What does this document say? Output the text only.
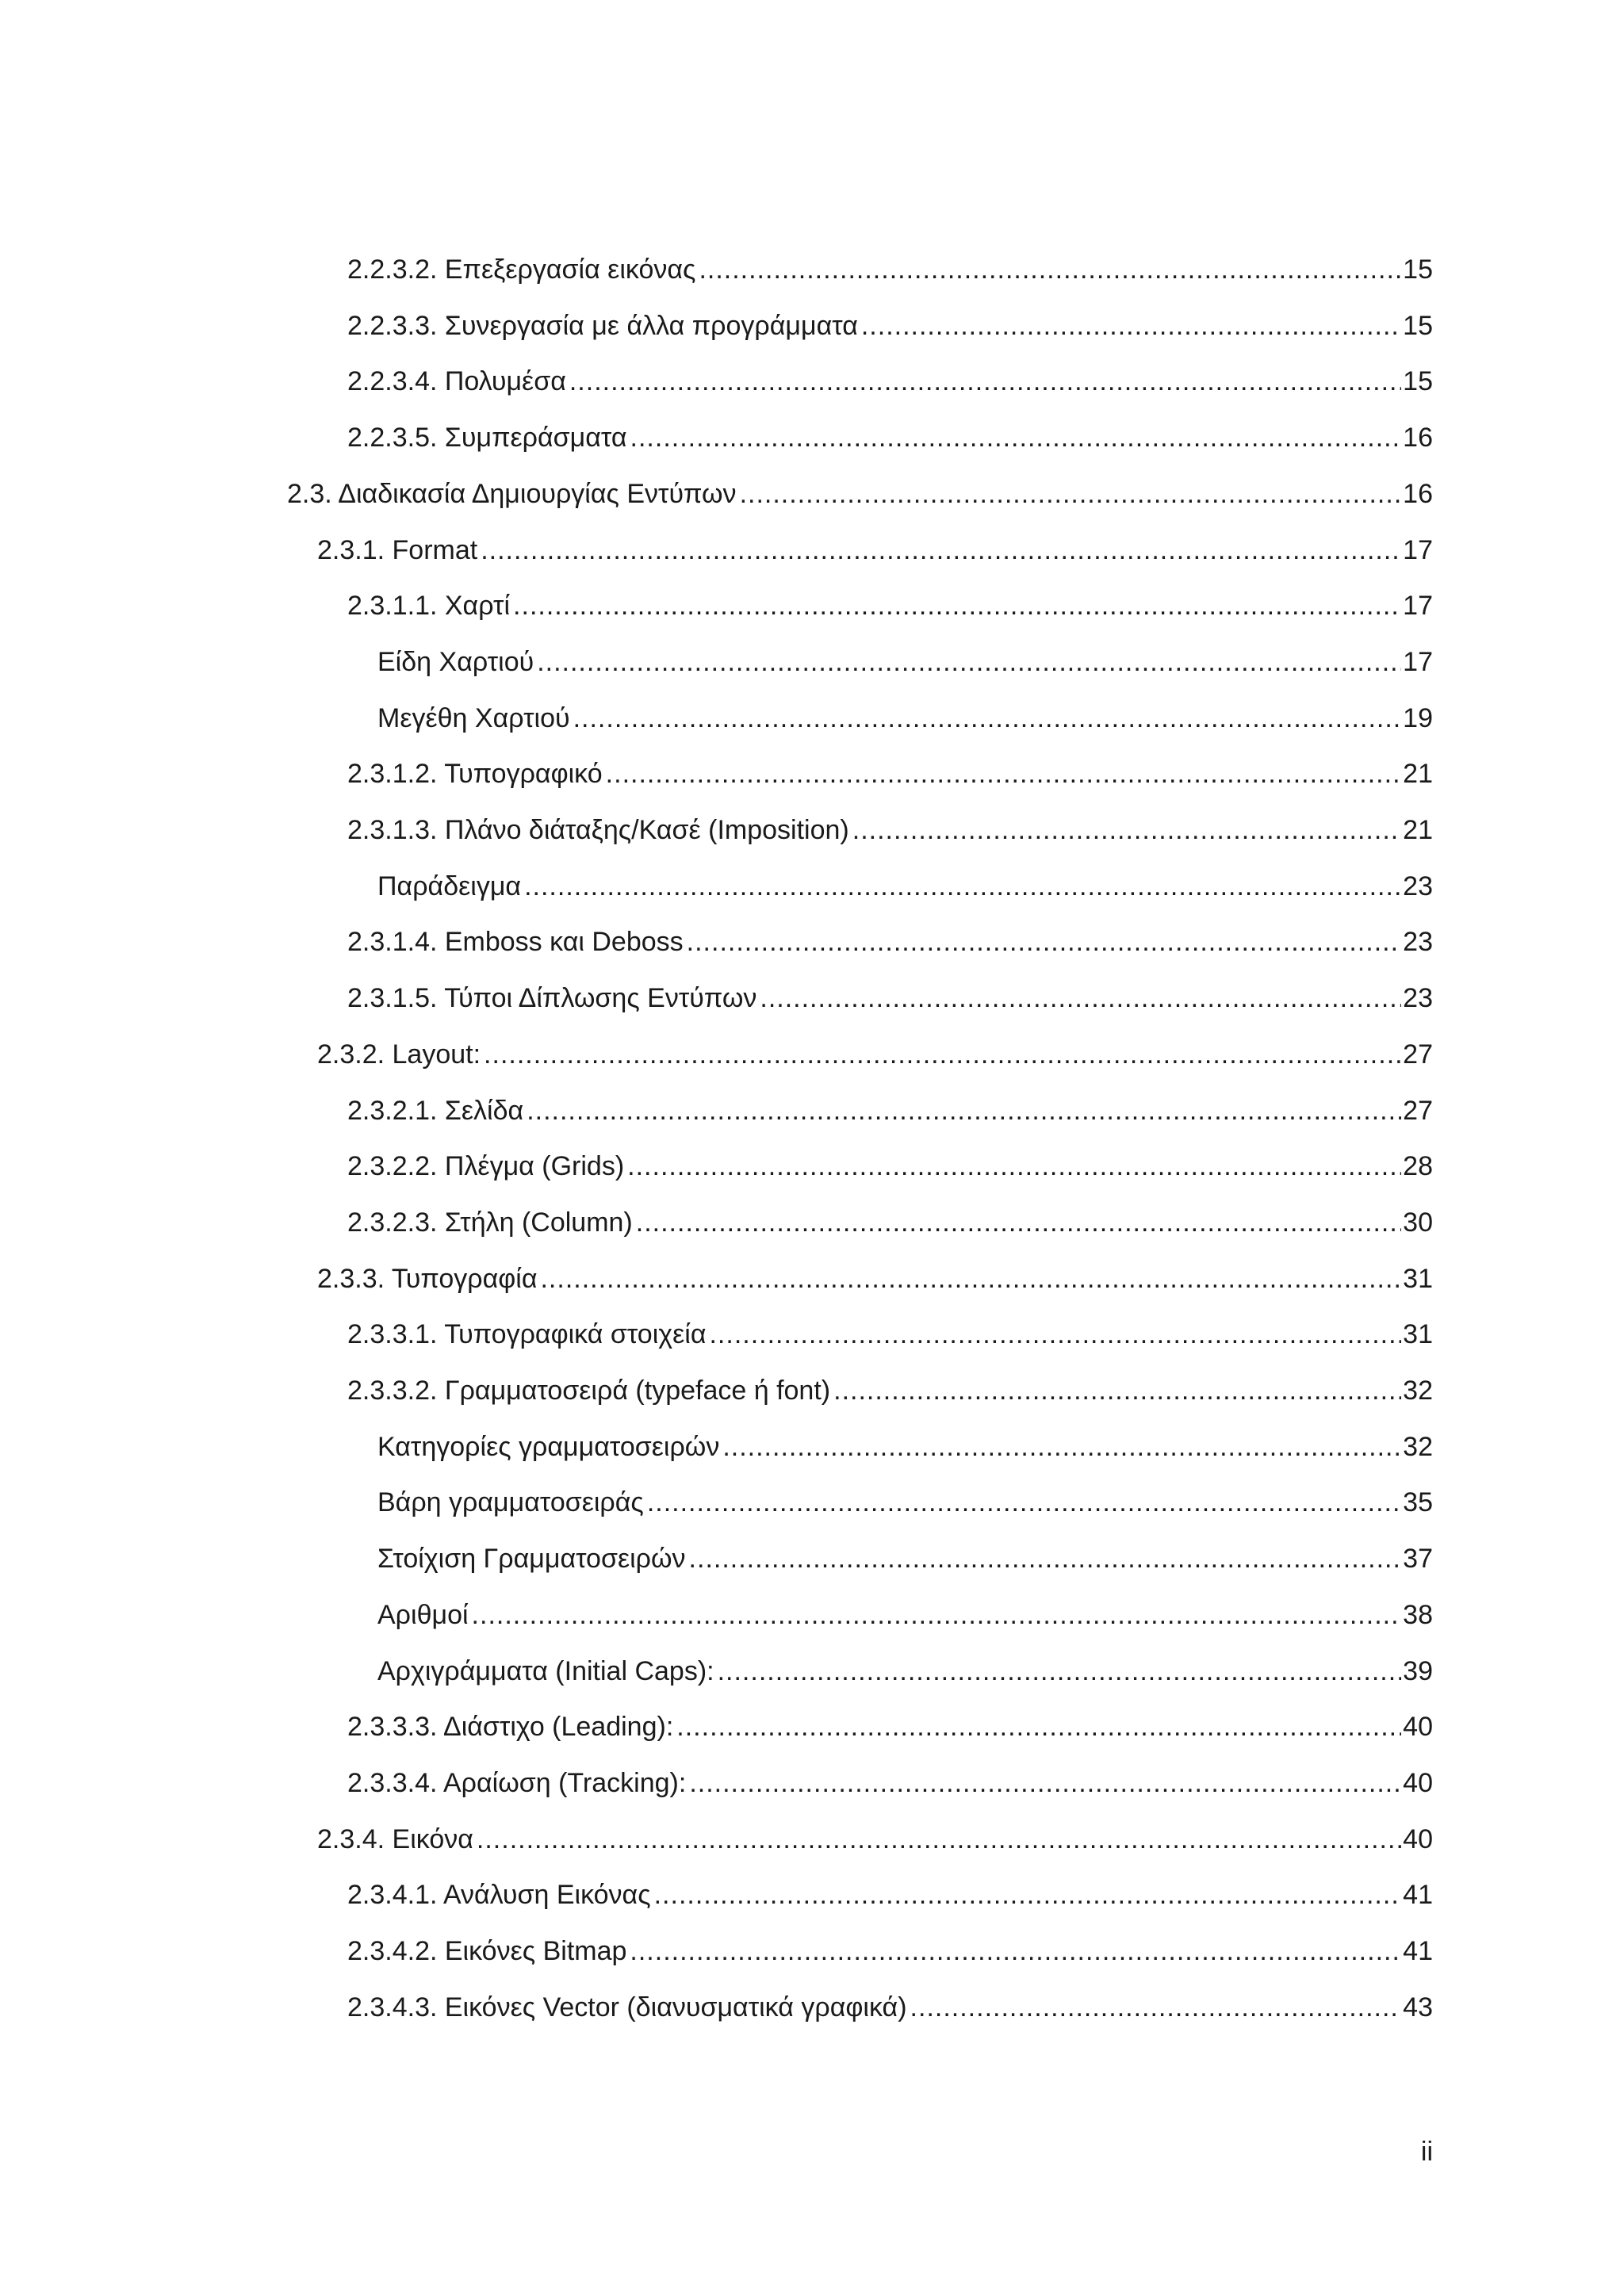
2.2.3.2. Επεξεργασία εικόνας .....	15
2.2.3.3. Συνεργασία με άλλα προγράμματα .....	15
2.2.3.4. Πολυμέσα .....	15
2.2.3.5. Συμπεράσματα .....	16
2.3. Διαδικασία Δημιουργίας Εντύπων .....	16
2.3.1. Format .....	17
2.3.1.1. Χαρτί .....	17
Είδη Χαρτιού .....	17
Μεγέθη Χαρτιού .....	19
2.3.1.2. Τυπογραφικό .....	21
2.3.1.3. Πλάνο διάταξης/Κασέ (Imposition) .....	21
Παράδειγμα .....	23
2.3.1.4. Emboss και Deboss .....	23
2.3.1.5. Τύποι Δίπλωσης Εντύπων .....	23
2.3.2. Layout: .....	27
2.3.2.1. Σελίδα .....	27
2.3.2.2. Πλέγμα (Grids) .....	28
2.3.2.3. Στήλη (Column) .....	30
2.3.3. Τυπογραφία .....	31
2.3.3.1. Τυπογραφικά στοιχεία .....	31
2.3.3.2. Γραμματοσειρά (typeface ή font) .....	32
Κατηγορίες γραμματοσειρών .....	32
Βάρη γραμματοσειράς .....	35
Στοίχιση Γραμματοσειρών .....	37
Αριθμοί .....	38
Αρχιγράμματα (Initial Caps): .....	39
2.3.3.3. Διάστιχο (Leading): .....	40
2.3.3.4. Αραίωση (Tracking): .....	40
2.3.4. Εικόνα .....	40
2.3.4.1. Ανάλυση Εικόνας .....	41
2.3.4.2. Εικόνες Bitmap .....	41
2.3.4.3. Εικόνες Vector (διανυσματικά γραφικά) .....	43
ii
